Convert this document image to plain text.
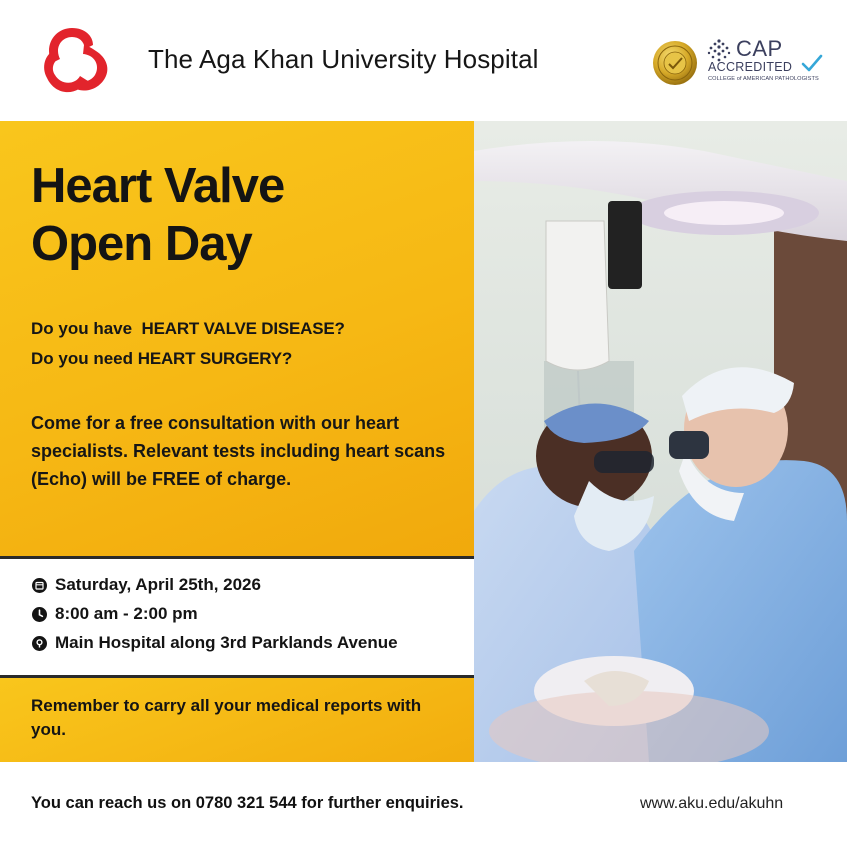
The Aga Khan University Hospital	CAP
ACCREDITED
COLLEGE of AMERICAN PATHOLOGISTS
Heart Valve
Open Day
Do you have HEART VALVE DISEASE?
Do you need HEART SURGERY?
Come for a free consultation with our heart specialists. Relevant tests including heart scans (Echo) will be FREE of charge.
Saturday, April 25th, 2026
8:00 am - 2:00 pm
Main Hospital along 3rd Parklands Avenue
Remember to carry all your medical reports with you.
You can reach us on 0780 321 544 for further enquiries.	www.aku.edu/akuhn
